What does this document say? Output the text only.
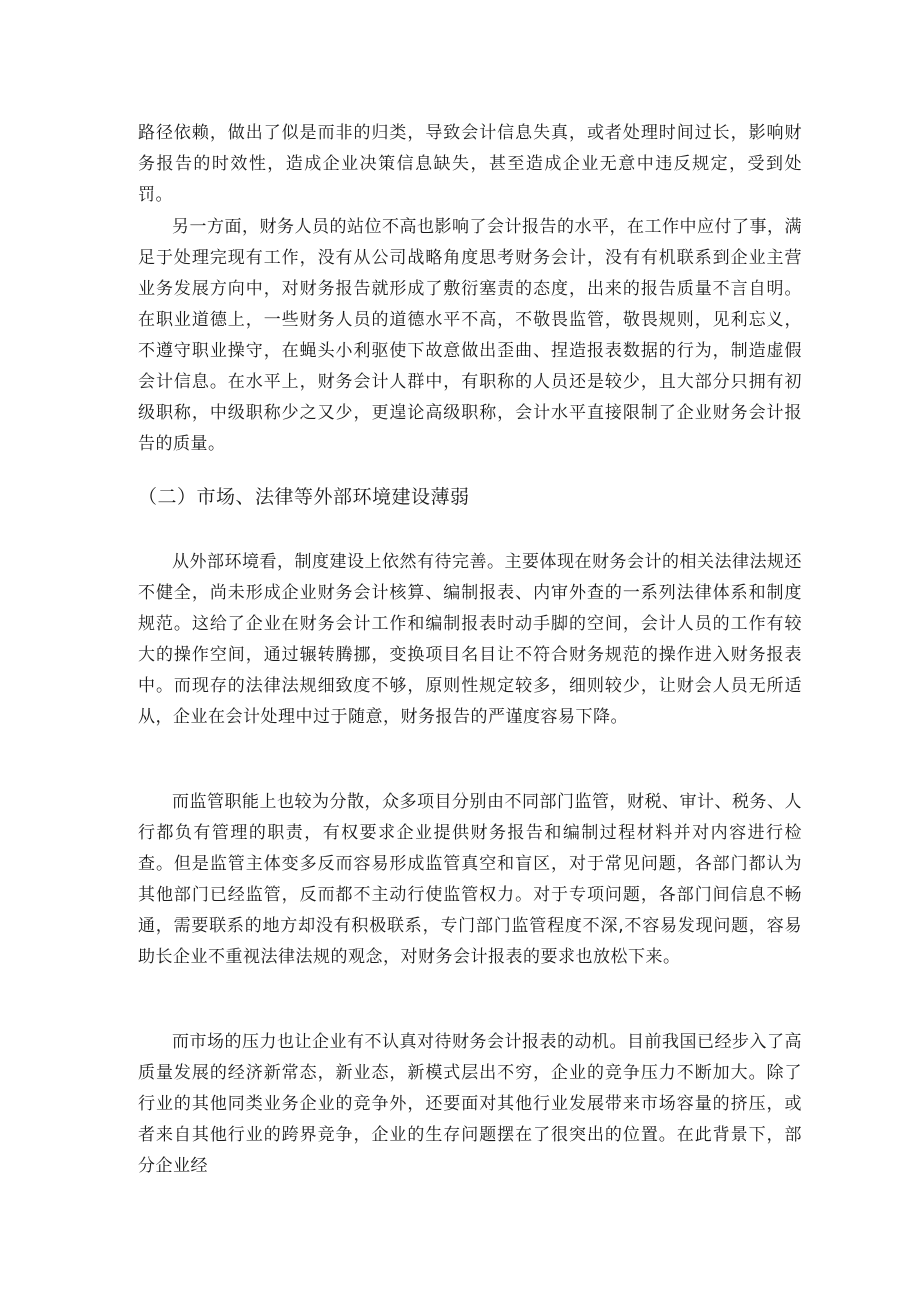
路径依赖，做出了似是而非的归类，导致会计信息失真，或者处理时间过长，影响财务报告的时效性，造成企业决策信息缺失，甚至造成企业无意中违反规定，受到处罚。

另一方面，财务人员的站位不高也影响了会计报告的水平，在工作中应付了事，满足于处理完现有工作，没有从公司战略角度思考财务会计，没有有机联系到企业主营业务发展方向中，对财务报告就形成了敷衍塞责的态度，出来的报告质量不言自明。在职业道德上，一些财务人员的道德水平不高，不敬畏监管，敬畏规则，见利忘义，不遵守职业操守，在蝇头小利驱使下故意做出歪曲、捏造报表数据的行为，制造虚假会计信息。在水平上，财务会计人群中，有职称的人员还是较少，且大部分只拥有初级职称，中级职称少之又少，更遑论高级职称，会计水平直接限制了企业财务会计报告的质量。

（二）市场、法律等外部环境建设薄弱

从外部环境看，制度建设上依然有待完善。主要体现在财务会计的相关法律法规还不健全，尚未形成企业财务会计核算、编制报表、内审外查的一系列法律体系和制度规范。这给了企业在财务会计工作和编制报表时动手脚的空间，会计人员的工作有较大的操作空间，通过辗转腾挪，变换项目名目让不符合财务规范的操作进入财务报表中。而现存的法律法规细致度不够，原则性规定较多，细则较少，让财会人员无所适从，企业在会计处理中过于随意，财务报告的严谨度容易下降。

而监管职能上也较为分散，众多项目分别由不同部门监管，财税、审计、税务、人行都负有管理的职责，有权要求企业提供财务报告和编制过程材料并对内容进行检查。但是监管主体变多反而容易形成监管真空和盲区，对于常见问题，各部门都认为其他部门已经监管，反而都不主动行使监管权力。对于专项问题，各部门间信息不畅通，需要联系的地方却没有积极联系，专门部门监管程度不深,不容易发现问题，容易助长企业不重视法律法规的观念，对财务会计报表的要求也放松下来。

而市场的压力也让企业有不认真对待财务会计报表的动机。目前我国已经步入了高质量发展的经济新常态，新业态，新模式层出不穷，企业的竞争压力不断加大。除了行业的其他同类业务企业的竞争外，还要面对其他行业发展带来市场容量的挤压，或者来自其他行业的跨界竞争，企业的生存问题摆在了很突出的位置。在此背景下，部分企业经
